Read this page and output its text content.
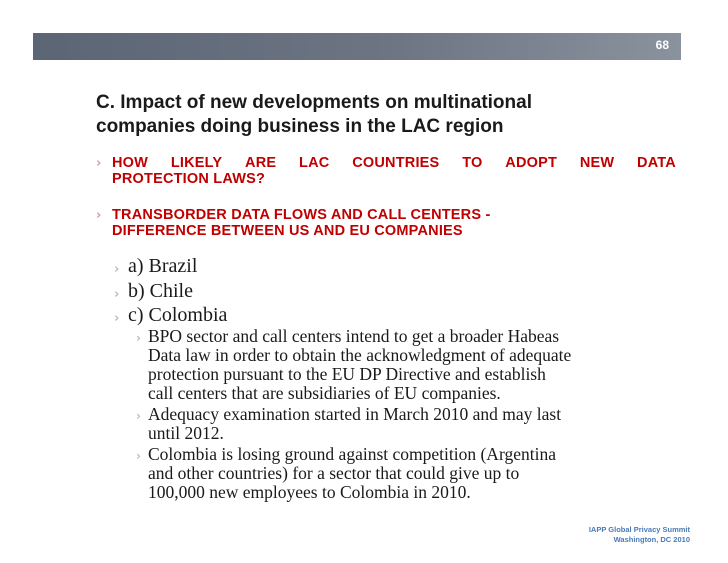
68
C. Impact of new developments on multinational
companies doing business in the LAC region
› HOW LIKELY ARE LAC COUNTRIES TO ADOPT NEW DATA
PROTECTION LAWS?
› TRANSBORDER DATA FLOWS AND CALL CENTERS -
DIFFERENCE BETWEEN US AND EU COMPANIES
› a) Brazil
› b) Chile
› c) Colombia
› BPO sector and call centers intend to get a broader Habeas
Data law in order to obtain the acknowledgment of adequate
protection pursuant to the EU DP Directive and establish
call centers that are subsidiaries of EU companies.
› Adequacy examination started in March 2010 and may last
until 2012.
› Colombia is losing ground against competition (Argentina
and other countries) for a sector that could give up to
100,000 new employees to Colombia in 2010.
IAPP Global Privacy Summit
Washington, DC 2010
